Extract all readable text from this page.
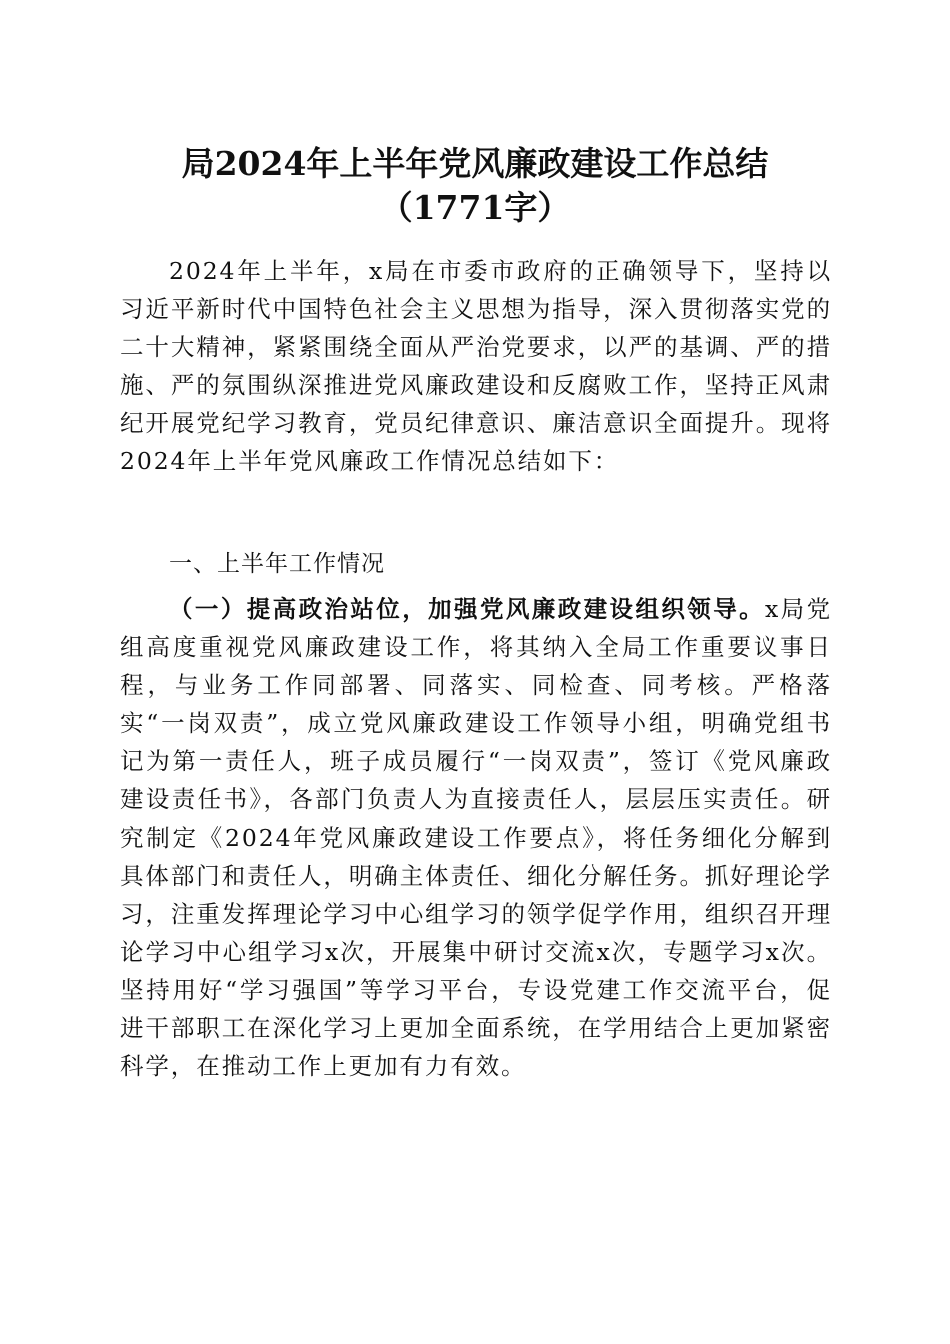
局2024年上半年党风廉政建设工作总结
（1771字）

2024年上半年，x局在市委市政府的正确领导下，坚持以习近平新时代中国特色社会主义思想为指导，深入贯彻落实党的二十大精神，紧紧围绕全面从严治党要求，以严的基调、严的措施、严的氛围纵深推进党风廉政建设和反腐败工作，坚持正风肃纪开展党纪学习教育，党员纪律意识、廉洁意识全面提升。现将2024年上半年党风廉政工作情况总结如下：

一、上半年工作情况

（一）提高政治站位，加强党风廉政建设组织领导。x局党组高度重视党风廉政建设工作，将其纳入全局工作重要议事日程，与业务工作同部署、同落实、同检查、同考核。严格落实“一岗双责”，成立党风廉政建设工作领导小组，明确党组书记为第一责任人，班子成员履行“一岗双责”，签订《党风廉政建设责任书》，各部门负责人为直接责任人，层层压实责任。研究制定《2024年党风廉政建设工作要点》，将任务细化分解到具体部门和责任人，明确主体责任、细化分解任务。抓好理论学习，注重发挥理论学习中心组学习的领学促学作用，组织召开理论学习中心组学习x次，开展集中研讨交流x次，专题学习x次。坚持用好“学习强国”等学习平台，专设党建工作交流平台，促进干部职工在深化学习上更加全面系统，在学用结合上更加紧密科学，在推动工作上更加有力有效。
